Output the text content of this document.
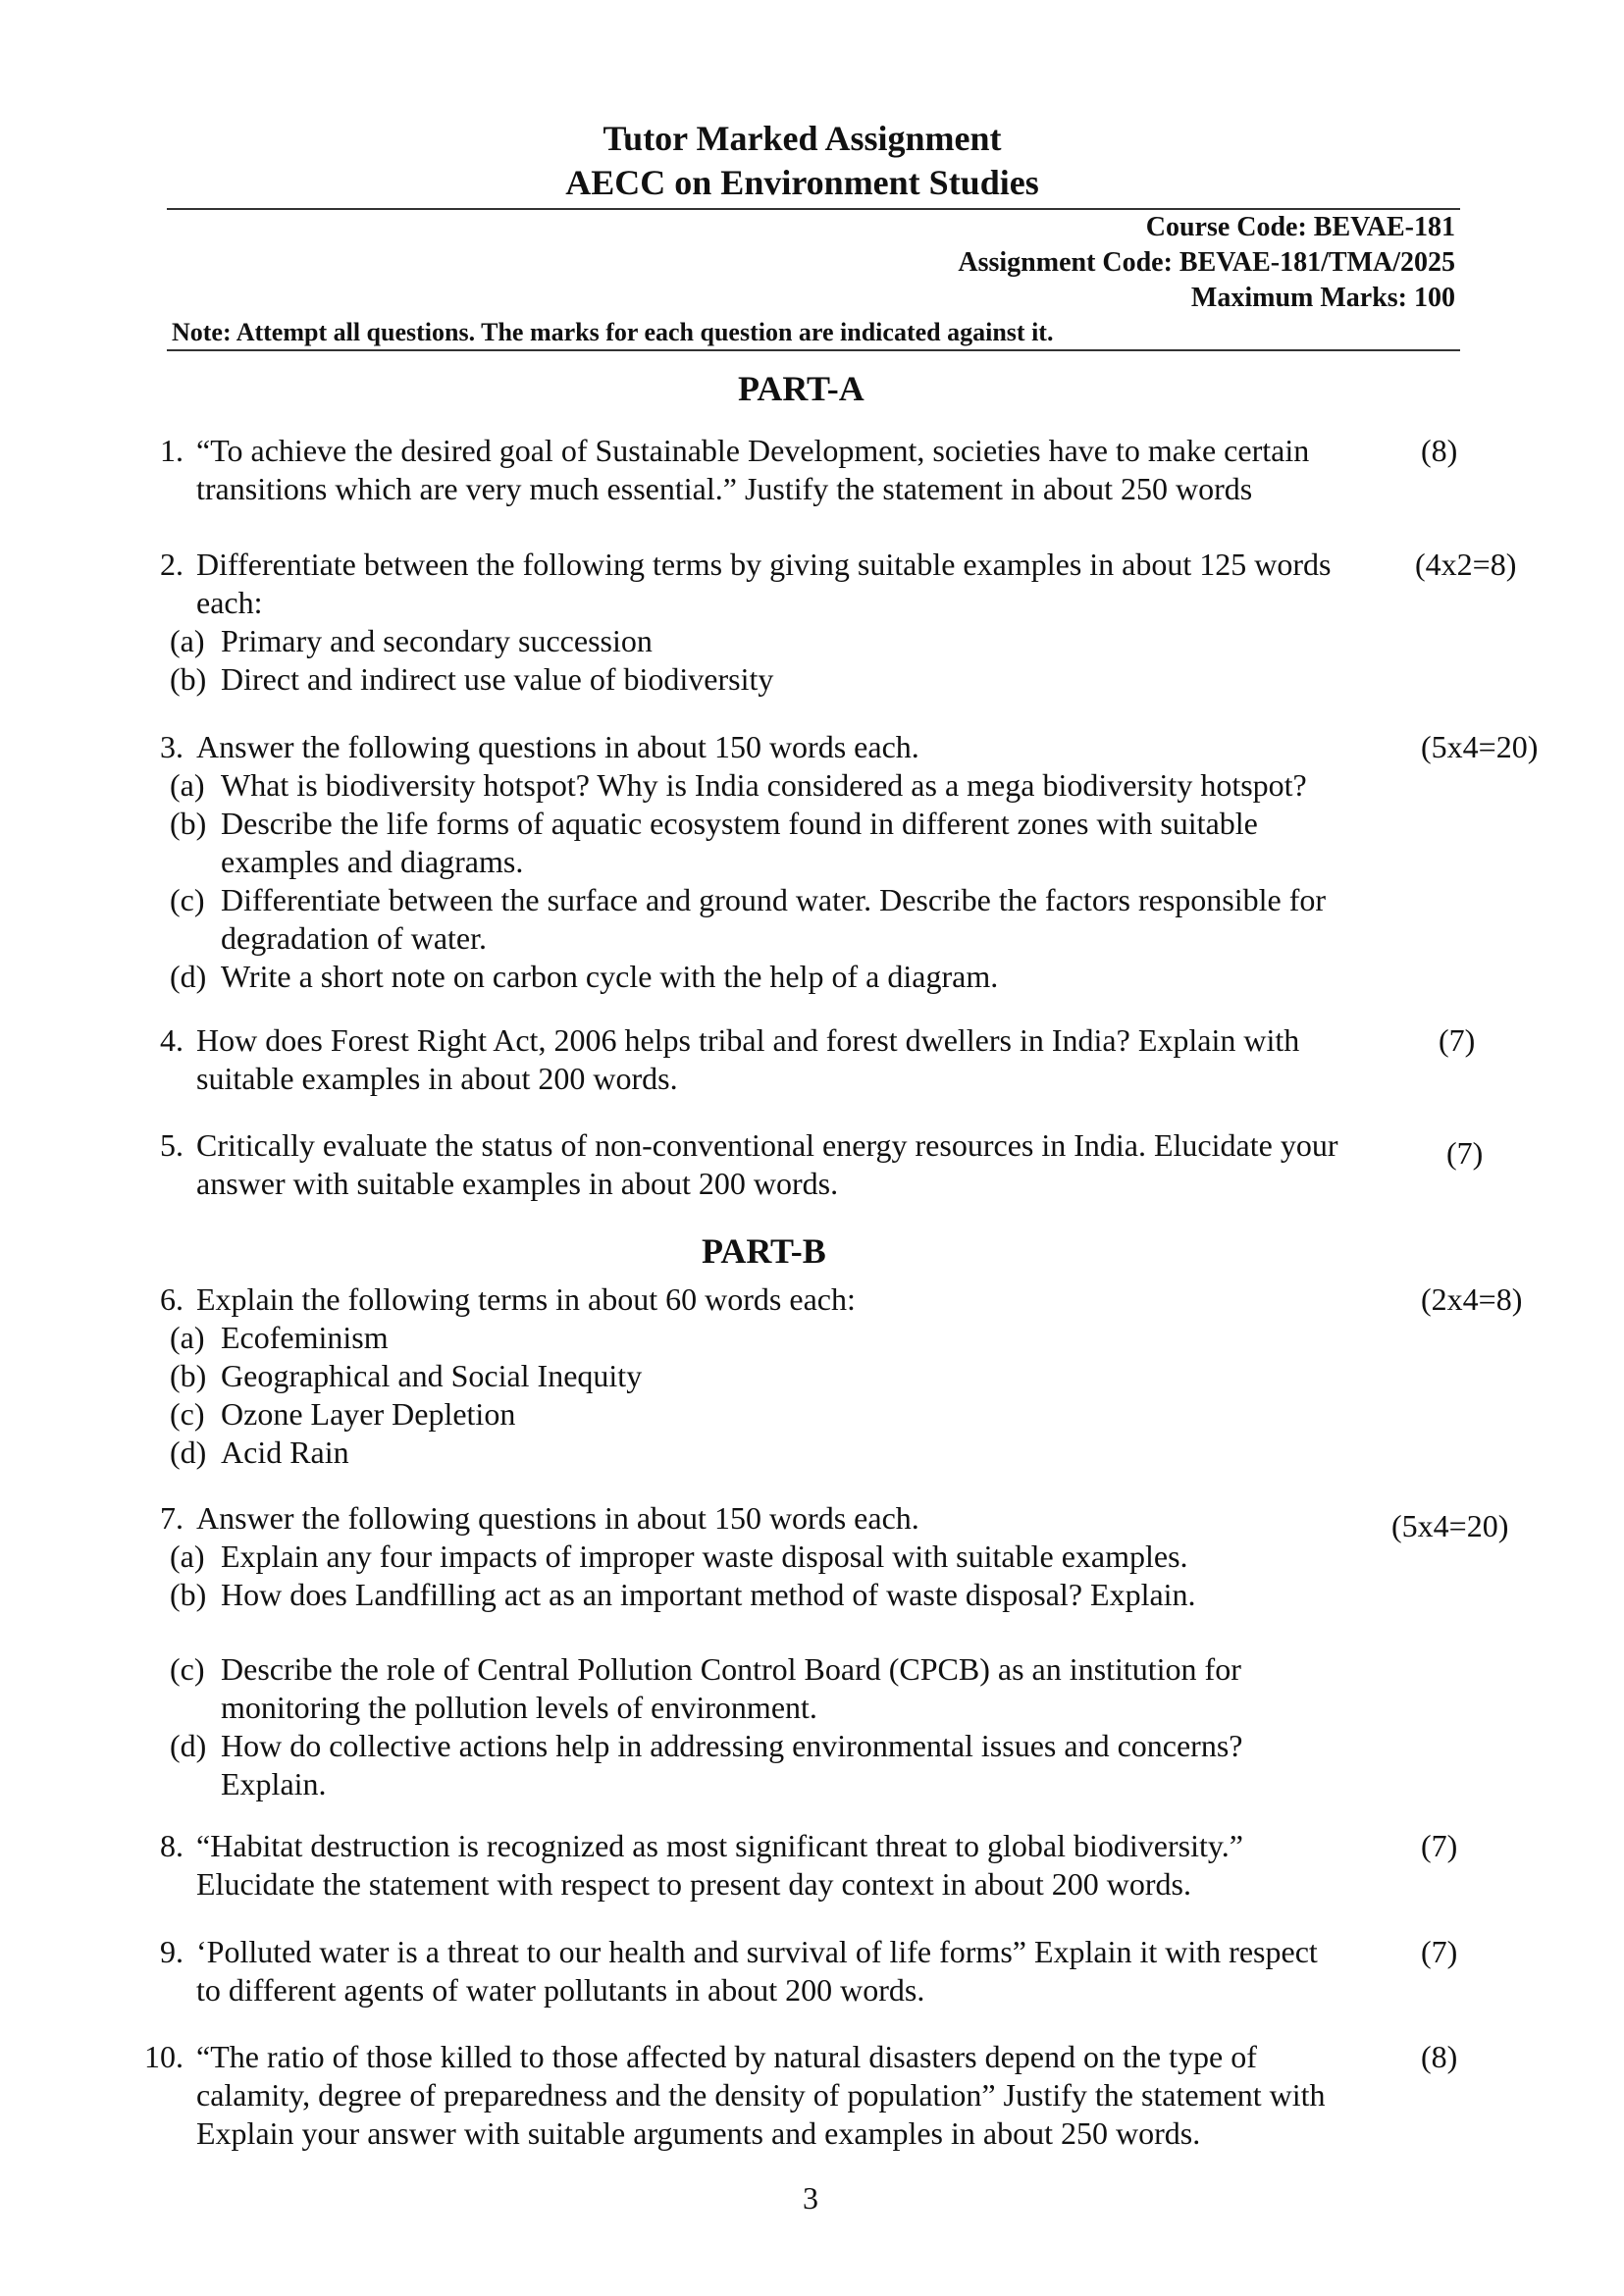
Tutor Marked Assignment
AECC on Environment Studies
Course Code: BEVAE-181
Assignment Code: BEVAE-181/TMA/2025
Maximum Marks: 100
Note: Attempt all questions. The marks for each question are indicated against it.
PART-A
PART-B
3
1.	(8)
“To achieve the desired goal of Sustainable Development, societies have to make certain
transitions which are very much essential.” Justify the statement in about 250 words
2.	(4x2=8)
Differentiate between the following terms by giving suitable examples in about 125 words
each:
(a) Primary and secondary succession
(b) Direct and indirect use value of biodiversity
3.	(5x4=20)
Answer the following questions in about 150 words each.
(a) What is biodiversity hotspot? Why is India considered as a mega biodiversity hotspot?
(b) Describe the life forms of aquatic ecosystem found in different zones with suitable
examples and diagrams.
(c) Differentiate between the surface and ground water. Describe the factors responsible for
degradation of water.
(d) Write a short note on carbon cycle with the help of a diagram.
4.	(7)
How does Forest Right Act, 2006 helps tribal and forest dwellers in India? Explain with
suitable examples in about 200 words.
5.	(7)
Critically evaluate the status of non-conventional energy resources in India. Elucidate your
answer with suitable examples in about 200 words.
6.	(2x4=8)
Explain the following terms in about 60 words each:
(a) Ecofeminism
(b) Geographical and Social Inequity
(c) Ozone Layer Depletion
(d) Acid Rain
7.	(5x4=20)
Answer the following questions in about 150 words each.
(a) Explain any four impacts of improper waste disposal with suitable examples.
(b) How does Landfilling act as an important method of waste disposal? Explain.
(c) Describe the role of Central Pollution Control Board (CPCB) as an institution for
monitoring the pollution levels of environment.
(d) How do collective actions help in addressing environmental issues and concerns?
Explain.
8.	(7)
“Habitat destruction is recognized as most significant threat to global biodiversity.”
Elucidate the statement with respect to present day context in about 200 words.
9.	(7)
‘Polluted water is a threat to our health and survival of life forms” Explain it with respect
to different agents of water pollutants in about 200 words.
10.	(8)
“The ratio of those killed to those affected by natural disasters depend on the type of
calamity, degree of preparedness and the density of population” Justify the statement with
Explain your answer with suitable arguments and examples in about 250 words.
